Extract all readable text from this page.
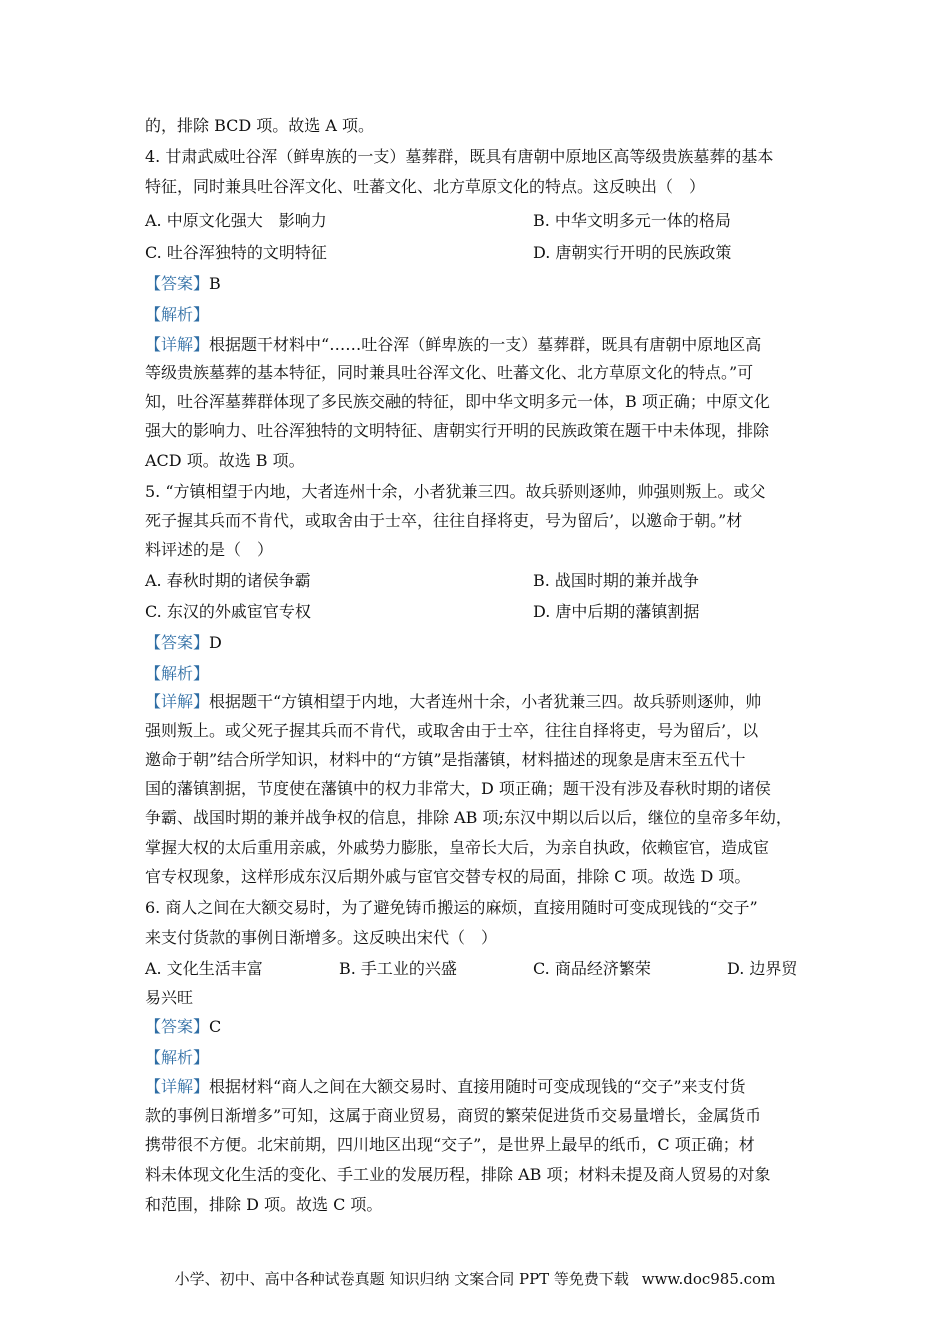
的，排除 BCD 项。故选 A 项。
4. 甘肃武威吐谷浑（鲜卑族的一支）墓葬群，既具有唐朝中原地区高等级贵族墓葬的基本
特征，同时兼具吐谷浑文化、吐蕃文化、北方草原文化的特点。这反映出（　）
A. 中原文化强大　影响力	B. 中华文明多元一体的格局
C. 吐谷浑独特的文明特征	D. 唐朝实行开明的民族政策
【答案】B
【解析】
【详解】根据题干材料中“……吐谷浑（鲜卑族的一支）墓葬群，既具有唐朝中原地区高
等级贵族墓葬的基本特征，同时兼具吐谷浑文化、吐蕃文化、北方草原文化的特点。”可
知，吐谷浑墓葬群体现了多民族交融的特征，即中华文明多元一体，B 项正确；中原文化
强大的影响力、吐谷浑独特的文明特征、唐朝实行开明的民族政策在题干中未体现，排除
ACD 项。故选 B 项。
5. “方镇相望于内地，大者连州十余，小者犹兼三四。故兵骄则逐帅，帅强则叛上。或父
死子握其兵而不肯代，或取舍由于士卒，往往自择将吏，号为留后’，以邀命于朝。”材
料评述的是（　）
A. 春秋时期的诸侯争霸	B. 战国时期的兼并战争
C. 东汉的外戚宦官专权	D. 唐中后期的藩镇割据
【答案】D
【解析】
【详解】根据题干“方镇相望于内地，大者连州十余，小者犹兼三四。故兵骄则逐帅，帅
强则叛上。或父死子握其兵而不肯代，或取舍由于士卒，往往自择将吏，号为留后’，以
邀命于朝”结合所学知识，材料中的“方镇”是指藩镇，材料描述的现象是唐末至五代十
国的藩镇割据，节度使在藩镇中的权力非常大，D 项正确；题干没有涉及春秋时期的诸侯
争霸、战国时期的兼并战争权的信息，排除 AB 项;东汉中期以后以后，继位的皇帝多年幼，
掌握大权的太后重用亲戚，外戚势力膨胀，皇帝长大后，为亲自执政，依赖宦官，造成宦
官专权现象，这样形成东汉后期外戚与宦官交替专权的局面，排除 C 项。故选 D 项。
6. 商人之间在大额交易时，为了避免铸币搬运的麻烦，直接用随时可变成现钱的“交子”
来支付货款的事例日渐增多。这反映出宋代（　）
A. 文化生活丰富	B. 手工业的兴盛	C. 商品经济繁荣	D. 边界贸
易兴旺
【答案】C
【解析】
【详解】根据材料“商人之间在大额交易时、直接用随时可变成现钱的“交子”来支付货
款的事例日渐增多”可知，这属于商业贸易，商贸的繁荣促进货币交易量增长，金属货币
携带很不方便。北宋前期，四川地区出现“交子”，是世界上最早的纸币，C 项正确；材
料未体现文化生活的变化、手工业的发展历程，排除 AB 项；材料未提及商人贸易的对象
和范围，排除 D 项。故选 C 项。
小学、初中、高中各种试卷真题 知识归纳 文案合同 PPT 等免费下载 www.doc985.com
